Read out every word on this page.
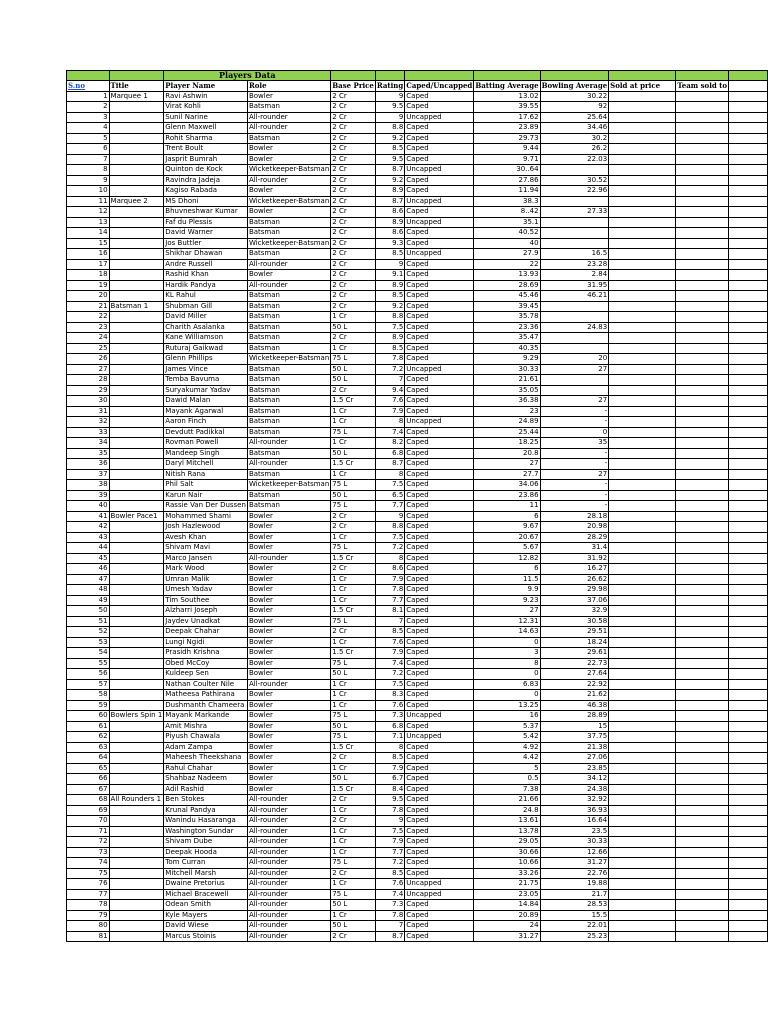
		Players Data									
S.no	Title	Player Name	Role	Base Price	Rating	Caped/Uncapped	Batting Average	Bowling Average	Sold at price	Team sold to	
1	Marquee 1	Ravi Ashwin	Bowler	2 Cr	9	Caped	13.02	30.22			
2		Virat Kohli	Batsman	2 Cr	9.5	Caped	39.55	92			
3		Sunil Narine	All-rounder	2 Cr	9	Uncapped	17.62	25.64			
4		Glenn Maxwell	All-rounder	2 Cr	8.8	Caped	23.89	34.46			
5		Rohit Sharma	Batsman	2 Cr	9.2	Caped	29.73	30.2			
6		Trent Boult	Bowler	2 Cr	8.5	Caped	9.44	26.2			
7		Jasprit Bumrah	Bowler	2 Cr	9.5	Caped	9.71	22.03			
8		Quinton de Kock	Wicketkeeper-Batsman	2 Cr	8.7	Uncapped	30..64				
9		Ravindra Jadeja	All-rounder	2 Cr	9.2	Caped	27.86	30.52			
10		Kagiso Rabada	Bowler	2 Cr	8.9	Caped	11.94	22.96			
11	Marquee 2	MS Dhoni	Wicketkeeper-Batsman	2 Cr	8.7	Uncapped	38.3				
12		Bhuvneshwar Kumar	Bowler	2 Cr	8.6	Caped	8..42	27.33			
13		Faf du Plessis	Batsman	2 Cr	8.9	Uncapped	35.1				
14		David Warner	Batsman	2 Cr	8.6	Caped	40.52				
15		Jos Buttler	Wicketkeeper-Batsman	2 Cr	9.3	Caped	40				
16		Shikhar Dhawan	Batsman	2 Cr	8.5	Uncapped	27.9	16.5			
17		Andre Russell	All-rounder	2 Cr	9	Caped	22	23.28			
18		Rashid Khan	Bowler	2 Cr	9.1	Caped	13.93	2.84			
19		Hardik Pandya	All-rounder	2 Cr	8.9	Caped	28.69	31.95			
20		KL Rahul	Batsman	2 Cr	8.5	Caped	45.46	46.21			
21	Batsman 1	Shubman Gill	Batsman	2 Cr	9.2	Caped	39.45				
22		David Miller	Batsman	1 Cr	8.8	Caped	35.78				
23		Charith Asalanka	Batsman	50 L	7.5	Caped	23.36	24.83			
24		Kane Williamson	Batsman	2 Cr	8.9	Caped	35.47				
25		Ruturaj Gaikwad	Batsman	1 Cr	8.5	Caped	40.35				
26		Glenn Phillips	Wicketkeeper-Batsman	75 L	7.8	Caped	9.29	20			
27		James Vince	Batsman	50 L	7.2	Uncapped	30.33	27			
28		Temba Bavuma	Batsman	50 L	7	Caped	21.61				
29		Suryakumar Yadav	Batsman	2 Cr	9.4	Caped	35.05				
30		Dawid Malan	Batsman	1.5 Cr	7.6	Caped	36.38	27			
31		Mayank Agarwal	Batsman	1 Cr	7.9	Caped	23	-			
32		Aaron Finch	Batsman	1 Cr	8	Uncapped	24.89	-			
33		Devdutt Padikkal	Batsman	75 L	7.4	Caped	25.44	0			
34		Rovman Powell	All-rounder	1 Cr	8.2	Caped	18.25	35			
35		Mandeep Singh	Batsman	50 L	6.8	Caped	20.8	-			
36		Daryl Mitchell	All-rounder	1.5 Cr	8.7	Caped	27	-			
37		Nitish Rana	Batsman	1 Cr	8	Caped	27.7	27			
38		Phil Salt	Wicketkeeper-Batsman	75 L	7.5	Caped	34.06	-			
39		Karun Nair	Batsman	50 L	6.5	Caped	23.86	-			
40		Rassie Van Der Dussen	Batsman	75 L	7.7	Caped	11	-			
41	Bowler Pace1	Mohammed Shami	Bowler	2 Cr	9	Caped	6	28.18			
42		Josh Hazlewood	Bowler	2 Cr	8.8	Caped	9.67	20.98			
43		Avesh Khan	Bowler	1 Cr	7.5	Caped	20.67	28.29			
44		Shivam Mavi	Bowler	75 L	7.2	Caped	5.67	31.4			
45		Marco Jansen	All-rounder	1.5 Cr	8	Caped	12.82	31.92			
46		Mark Wood	Bowler	2 Cr	8.6	Caped	6	16.27			
47		Umran Malik	Bowler	1 Cr	7.9	Caped	11.5	26.62			
48		Umesh Yadav	Bowler	1 Cr	7.8	Caped	9.9	29.98			
49		Tim Southee	Bowler	1 Cr	7.7	Caped	9.23	37.06			
50		Alzharri Joseph	Bowler	1.5 Cr	8.1	Caped	27	32.9			
51		Jaydev Unadkat	Bowler	75 L	7	Caped	12.31	30.58			
52		Deepak Chahar	Bowler	2 Cr	8.5	Caped	14.63	29.51			
53		Lungi Ngidi	Bowler	1 Cr	7.6	Caped	0	18.24			
54		Prasidh Krishna	Bowler	1.5 Cr	7.9	Caped	3	29.61			
55		Obed McCoy	Bowler	75 L	7.4	Caped	8	22.73			
56		Kuldeep Sen	Bowler	50 L	7.2	Caped	0	27.64			
57		Nathan Coulter Nile	All-rounder	1 Cr	7.5	Caped	6.83	22.92			
58		Matheesa Pathirana	Bowler	1 Cr	8.3	Caped	0	21.62			
59		Dushmanth Chameera	Bowler	1 Cr	7.6	Caped	13.25	46.38			
60	Bowlers Spin 1	Mayank Markande	Bowler	75 L	7.3	Uncapped	16	28.89			
61		Amit Mishra	Bowler	50 L	6.8	Caped	5.37	15			
62		Piyush Chawala	Bowler	75 L	7.1	Uncapped	5.42	37.75			
63		Adam Zampa	Bowler	1.5 Cr	8	Caped	4.92	21.38			
64		Maheesh Theekshana	Bowler	2 Cr	8.5	Caped	4.42	27.06			
65		Rahul Chahar	Bowler	1 Cr	7.9	Caped	5	23.85			
66		Shahbaz Nadeem	Bowler	50 L	6.7	Caped	0.5	34.12			
67		Adil Rashid	Bowler	1.5 Cr	8.4	Caped	7.38	24.38			
68	All Rounders 1	Ben Stokes	All-rounder	2 Cr	9.5	Caped	21.66	32.92			
69		Krunal Pandya	All-rounder	1 Cr	7.8	Caped	24.8	36.93			
70		Wanindu Hasaranga	All-rounder	2 Cr	9	Caped	13.61	16.64			
71		Washington Sundar	All-rounder	1 Cr	7.5	Caped	13.78	23.5			
72		Shivam Dube	All-rounder	1 Cr	7.9	Caped	29.05	30.33			
73		Deepak Hooda	All-rounder	1 Cr	7.7	Caped	30.66	12.66			
74		Tom Curran	All-rounder	75 L	7.2	Caped	10.66	31.27			
75		Mitchell Marsh	All-rounder	2 Cr	8.5	Caped	33.26	22.76			
76		Dwaine Pretorius	All-rounder	1 Cr	7.6	Uncapped	21.75	19.88			
77		Michael Bracewell	All-rounder	75 L	7.4	Uncapped	23.05	21.7			
78		Odean Smith	All-rounder	50 L	7.3	Caped	14.84	28.53			
79		Kyle Mayers	All-rounder	1 Cr	7.8	Caped	20.89	15.5			
80		David Wiese	All-rounder	50 L	7	Caped	24	22.01			
81		Marcus Stoinis	All-rounder	2 Cr	8.7	Caped	31.27	25.23			
